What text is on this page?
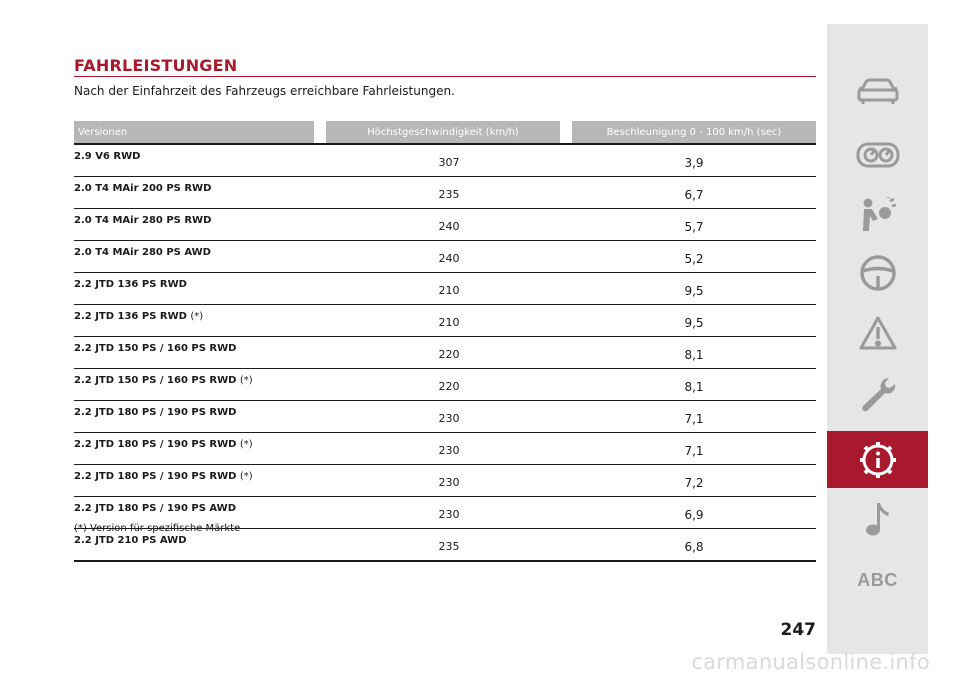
FAHRLEISTUNGEN

Nach der Einfahrzeit des Fahrzeugs erreichbare Fahrleistungen.

Versionen	Höchstgeschwindigkeit (km/h)	Beschleunigung 0 - 100 km/h (sec)
2.9 V6 RWD	307	3,9
2.0 T4 MAir 200 PS RWD	235	6,7
2.0 T4 MAir 280 PS RWD	240	5,7
2.0 T4 MAir 280 PS AWD	240	5,2
2.2 JTD 136 PS RWD	210	9,5
2.2 JTD 136 PS RWD (*)	210	9,5
2.2 JTD 150 PS / 160 PS RWD	220	8,1
2.2 JTD 150 PS / 160 PS RWD (*)	220	8,1
2.2 JTD 180 PS / 190 PS RWD	230	7,1
2.2 JTD 180 PS / 190 PS RWD (*)	230	7,1
2.2 JTD 180 PS / 190 PS RWD (*)	230	7,2
2.2 JTD 180 PS / 190 PS AWD	230	6,9
2.2 JTD 210 PS AWD	235	6,8

(*) Version für spezifische Märkte

247
ABC
carmanualsonline.info
